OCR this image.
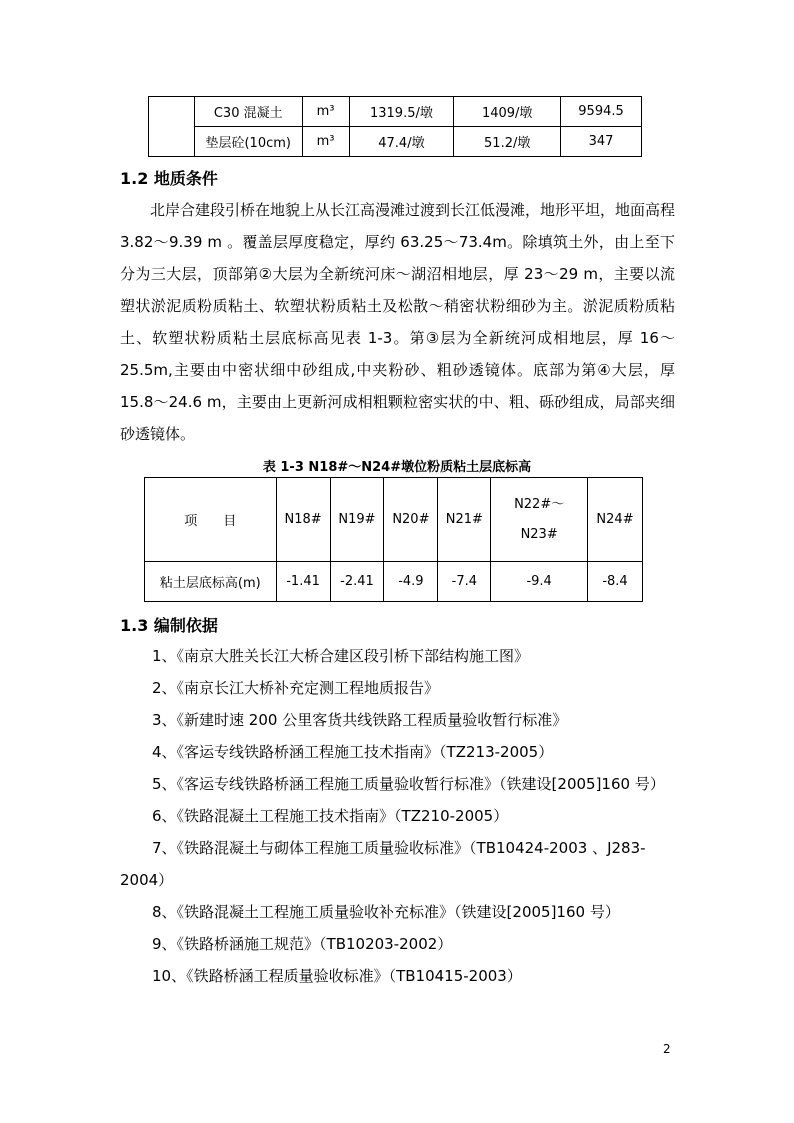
	C30 混凝土	m³	1319.5/墩	1409/墩	9594.5
	垫层砼(10cm)	m³	47.4/墩	51.2/墩	347
1.2 地质条件

北岸合建段引桥在地貌上从长江高漫滩过渡到长江低漫滩，地形平坦，地面高程 3.82～9.39 m 。覆盖层厚度稳定，厚约 63.25～73.4m。除填筑土外，由上至下分为三大层，顶部第②大层为全新统河床～湖沼相地层，厚 23～29 m，主要以流塑状淤泥质粉质粘土、软塑状粉质粘土及松散～稍密状粉细砂为主。淤泥质粉质粘土、软塑状粉质粘土层底标高见表 1-3。第③层为全新统河成相地层，厚 16～25.5m,主要由中密状细中砂组成,中夹粉砂、粗砂透镜体。底部为第④大层，厚 15.8～24.6 m，主要由上更新河成相粗颗粒密实状的中、粗、砾砂组成，局部夹细砂透镜体。

表 1-3 N18#～N24#墩位粉质粘土层底标高
项　　目	N18#	N19#	N20#	N21#	N22#～
N23#	N24#
粘土层底标高(m)	-1.41	-2.41	-4.9	-7.4	-9.4	-8.4
1.3 编制依据

1、《南京大胜关长江大桥合建区段引桥下部结构施工图》

2、《南京长江大桥补充定测工程地质报告》

3、《新建时速 200 公里客货共线铁路工程质量验收暂行标准》

4、《客运专线铁路桥涵工程施工技术指南》（TZ213-2005）

5、《客运专线铁路桥涵工程施工质量验收暂行标准》（铁建设[2005]160 号）

6、《铁路混凝土工程施工技术指南》（TZ210-2005）

7、《铁路混凝土与砌体工程施工质量验收标准》（TB10424-2003 、J283-2004）

8、《铁路混凝土工程施工质量验收补充标准》（铁建设[2005]160 号）

9、《铁路桥涵施工规范》（TB10203-2002）

10、《铁路桥涵工程质量验收标准》（TB10415-2003）

2
